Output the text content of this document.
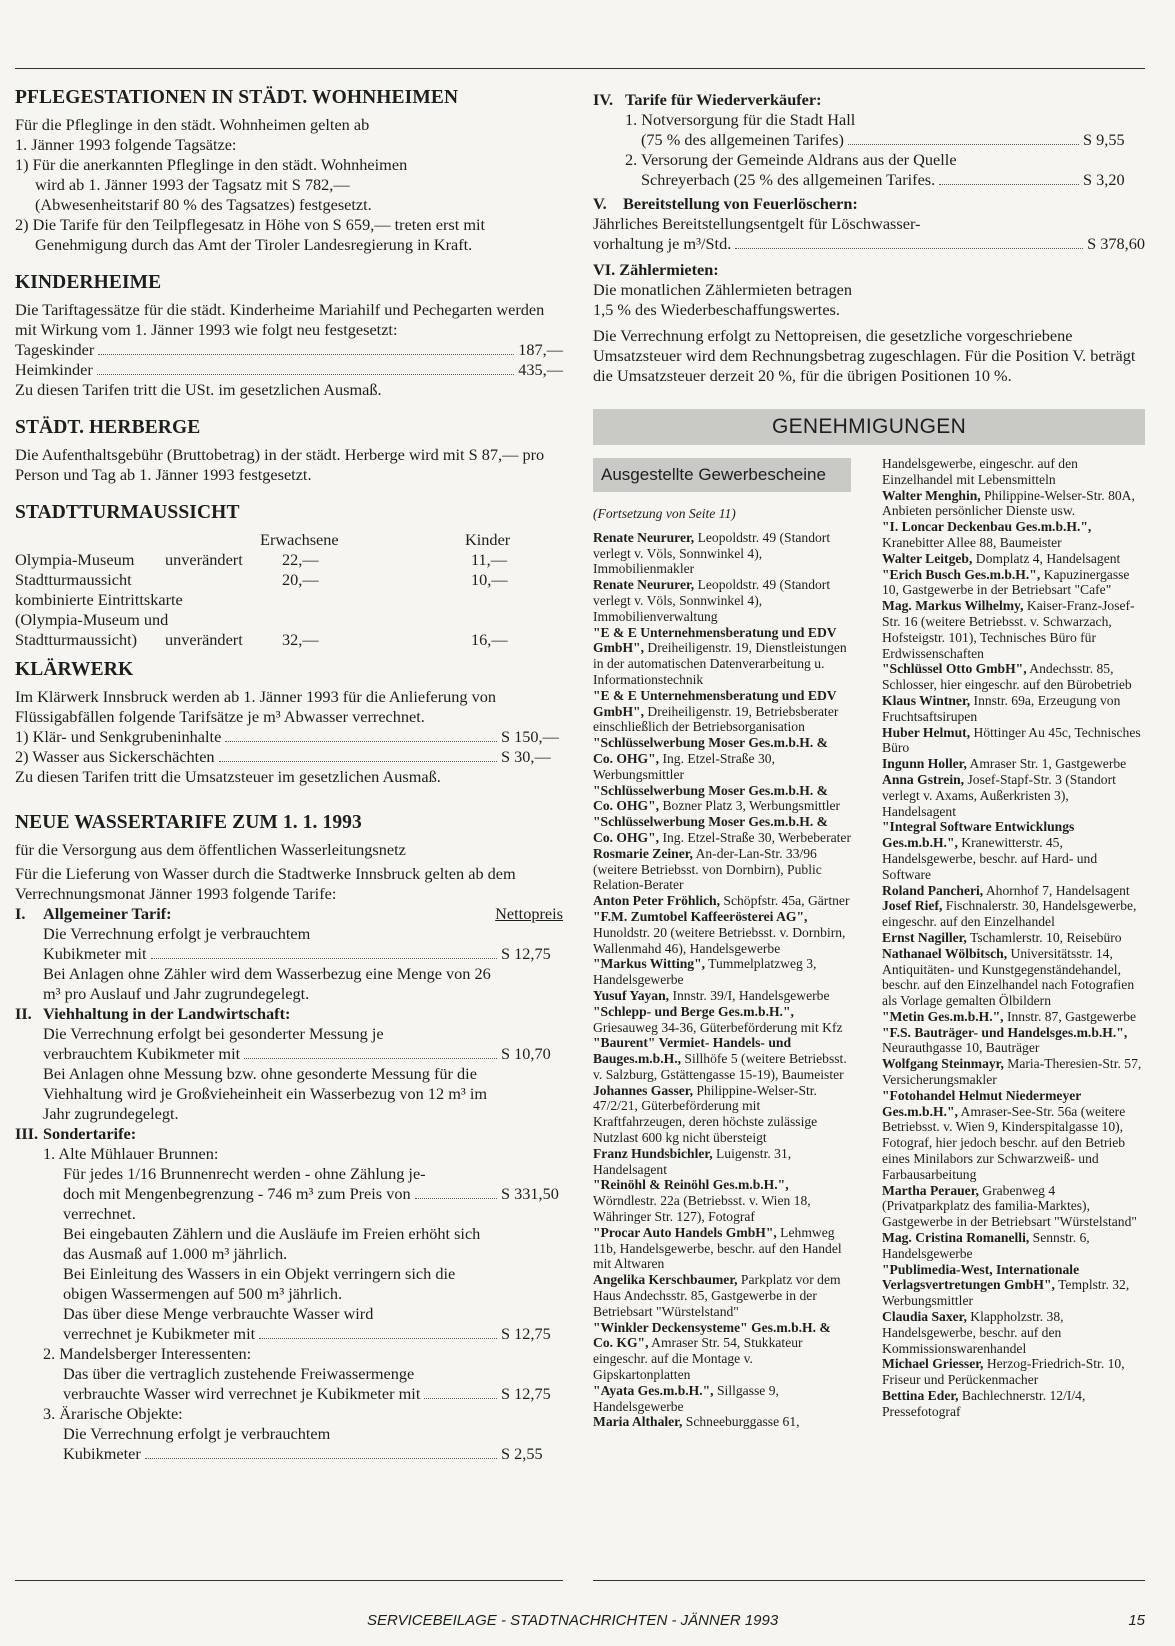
PFLEGESTATIONEN IN STÄDT. WOHNHEIMEN

Für die Pfleglinge in den städt. Wohnheimen gelten ab

1. Jänner 1993 folgende Tagsätze:

1) Für die anerkannten Pfleglinge in den städt. Wohnheimen wird ab 1. Jänner 1993 der Tagsatz mit S 782,— (Abwesenheitstarif 80 % des Tagsatzes) festgesetzt.

2) Die Tarife für den Teilpflegesatz in Höhe von S 659,— treten erst mit Genehmigung durch das Amt der Tiroler Landesregierung in Kraft.

KINDERHEIME

Die Tariftagessätze für die städt. Kinderheime Mariahilf und Pechegarten werden mit Wirkung vom 1. Jänner 1993 wie folgt neu festgesetzt:

Tageskinder	187,—
Heimkinder	435,—

Zu diesen Tarifen tritt die USt. im gesetzlichen Ausmaß.

STÄDT. HERBERGE

Die Aufenthaltsgebühr (Bruttobetrag) in der städt. Herberge wird mit S 87,— pro Person und Tag ab 1. Jänner 1993 festgesetzt.

STADTTURMAUSSICHT
		Erwachsene	Kinder
Olympia-Museum	unverändert	22,—	11,—
Stadtturmaussicht		20,—	10,—
kombinierte Eintrittskarte			
(Olympia-Museum und			
Stadtturmaussicht)	unverändert	32,—	16,—
KLÄRWERK

Im Klärwerk Innsbruck werden ab 1. Jänner 1993 für die Anlieferung von Flüssigabfällen folgende Tarifsätze je m³ Abwasser verrechnet.

1) Klär- und Senkgrubeninhalte	S 150,—
2) Wasser aus Sickerschächten	S 30,—

Zu diesen Tarifen tritt die Umsatzsteuer im gesetzlichen Ausmaß.

NEUE WASSERTARIFE ZUM 1. 1. 1993

für die Versorgung aus dem öffentlichen Wasserleitungsnetz

Für die Lieferung von Wasser durch die Stadtwerke Innsbruck gelten ab dem Verrechnungsmonat Jänner 1993 folgende Tarife:

I.	Allgemeiner Tarif:	Nettopreis

Die Verrechnung erfolgt je verbrauchtem

Kubikmeter mit	S 12,75

Bei Anlagen ohne Zähler wird dem Wasserbezug eine Menge von 26 m³ pro Auslauf und Jahr zugrundegelegt.

II. Viehhaltung in der Landwirtschaft:

Die Verrechnung erfolgt bei gesonderter Messung je

verbrauchtem Kubikmeter mit	S 10,70

Bei Anlagen ohne Messung bzw. ohne gesonderte Messung für die Viehhaltung wird je Großvieheinheit ein Wasserbezug von 12 m³ im Jahr zugrundegelegt.

III. Sondertarife:

1. Alte Mühlauer Brunnen:

Für jedes 1/16 Brunnenrecht werden - ohne Zählung je-

doch mit Mengenbegrenzung - 746 m³ zum Preis von	S 331,50

verrechnet.

Bei eingebauten Zählern und die Ausläufe im Freien erhöht sich das Ausmaß auf 1.000 m³ jährlich.

Bei Einleitung des Wassers in ein Objekt verringern sich die obigen Wassermengen auf 500 m³ jährlich.

Das über diese Menge verbrauchte Wasser wird

verrechnet je Kubikmeter mit	S 12,75

2. Mandelsberger Interessenten:

Das über die vertraglich zustehende Freiwassermenge

verbrauchte Wasser wird verrechnet je Kubikmeter mit	S 12,75

3. Ärarische Objekte:

Die Verrechnung erfolgt je verbrauchtem

Kubikmeter	S 2,55
IV. Tarife für Wiederverkäufer:

1. Notversorgung für die Stadt Hall

(75 % des allgemeinen Tarifes)	S 9,55

2. Versorung der Gemeinde Aldrans aus der Quelle

Schreyerbach (25 % des allgemeinen Tarifes.	S 3,20
V. Bereitstellung von Feuerlöschern:

Jährliches Bereitstellungsentgelt für Löschwasser-

vorhaltung je m³/Std.	S 378,60

VI. Zählermieten:

Die monatlichen Zählermieten betragen

1,5 % des Wiederbeschaffungswertes.

Die Verrechnung erfolgt zu Nettopreisen, die gesetzliche vorgeschriebene Umsatzsteuer wird dem Rechnungsbetrag zugeschlagen. Für die Position V. beträgt die Umsatzsteuer derzeit 20 %, für die übrigen Positionen 10 %.

GENEHMIGUNGEN
Ausgestellte Gewerbescheine

(Fortsetzung von Seite 11)

Renate Neururer, Leopoldstr. 49 (Standort verlegt v. Völs, Sonnwinkel 4), Immobilienmakler

Renate Neururer, Leopoldstr. 49 (Standort verlegt v. Völs, Sonnwinkel 4), Immobilienverwaltung

"E & E Unternehmensberatung und EDV GmbH", Dreiheiligenstr. 19, Dienstleistungen in der automatischen Datenverarbeitung u. Informationstechnik

"E & E Unternehmensberatung und EDV GmbH", Dreiheiligenstr. 19, Betriebsberater einschließlich der Betriebsorganisation

"Schlüsselwerbung Moser Ges.m.b.H. & Co. OHG", Ing. Etzel-Straße 30, Werbungsmittler

"Schlüsselwerbung Moser Ges.m.b.H. & Co. OHG", Bozner Platz 3, Werbungsmittler

"Schlüsselwerbung Moser Ges.m.b.H. & Co. OHG", Ing. Etzel-Straße 30, Werbeberater

Rosmarie Zeiner, An-der-Lan-Str. 33/96 (weitere Betriebsst. von Dornbirn), Public Relation-Berater

Anton Peter Fröhlich, Schöpfstr. 45a, Gärtner

"F.M. Zumtobel Kaffeerösterei AG", Hunoldstr. 20 (weitere Betriebsst. v. Dornbirn, Wallenmahd 46), Handelsgewerbe

"Markus Witting", Tummelplatzweg 3, Handelsgewerbe

Yusuf Yayan, Innstr. 39/I, Handelsgewerbe

"Schlepp- und Berge Ges.m.b.H.", Griesauweg 34-36, Güterbeförderung mit Kfz

"Baurent" Vermiet- Handels- und Bauges.m.b.H., Sillhöfe 5 (weitere Betriebsst. v. Salzburg, Gstättengasse 15-19), Baumeister

Johannes Gasser, Philippine-Welser-Str. 47/2/21, Güterbeförderung mit Kraftfahrzeugen, deren höchste zulässige Nutzlast 600 kg nicht übersteigt

Franz Hundsbichler, Luigenstr. 31, Handelsagent

"Reinöhl & Reinöhl Ges.m.b.H.", Wörndlestr. 22a (Betriebsst. v. Wien 18, Währinger Str. 127), Fotograf

"Procar Auto Handels GmbH", Lehmweg 11b, Handelsgewerbe, beschr. auf den Handel mit Altwaren

Angelika Kerschbaumer, Parkplatz vor dem Haus Andechsstr. 85, Gastgewerbe in der Betriebsart "Würstelstand"

"Winkler Deckensysteme" Ges.m.b.H. & Co. KG", Amraser Str. 54, Stukkateur eingeschr. auf die Montage v. Gipskartonplatten

"Ayata Ges.m.b.H.", Sillgasse 9, Handelsgewerbe

Maria Althaler, Schneeburggasse 61,

Handelsgewerbe, eingeschr. auf den Einzelhandel mit Lebensmitteln

Walter Menghin, Philippine-Welser-Str. 80A, Anbieten persönlicher Dienste usw.

"I. Loncar Deckenbau Ges.m.b.H.", Kranebitter Allee 88, Baumeister

Walter Leitgeb, Domplatz 4, Handelsagent

"Erich Busch Ges.m.b.H.", Kapuzinergasse 10, Gastgewerbe in der Betriebsart "Cafe"

Mag. Markus Wilhelmy, Kaiser-Franz-Josef-Str. 16 (weitere Betriebsst. v. Schwarzach, Hofsteigstr. 101), Technisches Büro für Erdwissenschaften

"Schlüssel Otto GmbH", Andechsstr. 85, Schlosser, hier eingeschr. auf den Bürobetrieb

Klaus Wintner, Innstr. 69a, Erzeugung von Fruchtsaftsirupen

Huber Helmut, Höttinger Au 45c, Technisches Büro

Ingunn Holler, Amraser Str. 1, Gastgewerbe

Anna Gstrein, Josef-Stapf-Str. 3 (Standort verlegt v. Axams, Außerkristen 3), Handelsagent

"Integral Software Entwicklungs Ges.m.b.H.", Kranewitterstr. 45, Handelsgewerbe, beschr. auf Hard- und Software

Roland Pancheri, Ahornhof 7, Handelsagent

Josef Rief, Fischnalerstr. 30, Handelsgewerbe, eingeschr. auf den Einzelhandel

Ernst Nagiller, Tschamlerstr. 10, Reisebüro

Nathanael Wölbitsch, Universitätsstr. 14, Antiquitäten- und Kunstgegenständehandel, beschr. auf den Einzelhandel nach Fotografien als Vorlage gemalten Ölbildern

"Metin Ges.m.b.H.", Innstr. 87, Gastgewerbe

"F.S. Bauträger- und Handelsges.m.b.H.", Neurauthgasse 10, Bauträger

Wolfgang Steinmayr, Maria-Theresien-Str. 57, Versicherungsmakler

"Fotohandel Helmut Niedermeyer Ges.m.b.H.", Amraser-See-Str. 56a (weitere Betriebsst. v. Wien 9, Kinderspitalgasse 10), Fotograf, hier jedoch beschr. auf den Betrieb eines Minilabors zur Schwarzweiß- und Farbausarbeitung

Martha Perauer, Grabenweg 4 (Privatparkplatz des familia-Marktes), Gastgewerbe in der Betriebsart "Würstelstand"

Mag. Cristina Romanelli, Sennstr. 6, Handelsgewerbe

"Publimedia-West, Internationale Verlagsvertretungen GmbH", Templstr. 32, Werbungsmittler

Claudia Saxer, Klappholzstr. 38, Handelsgewerbe, beschr. auf den Kommissionswarenhandel

Michael Griesser, Herzog-Friedrich-Str. 10, Friseur und Perückenmacher

Bettina Eder, Bachlechnerstr. 12/I/4, Pressefotograf

SERVICEBEILAGE - STADTNACHRICHTEN - JÄNNER 1993	15
